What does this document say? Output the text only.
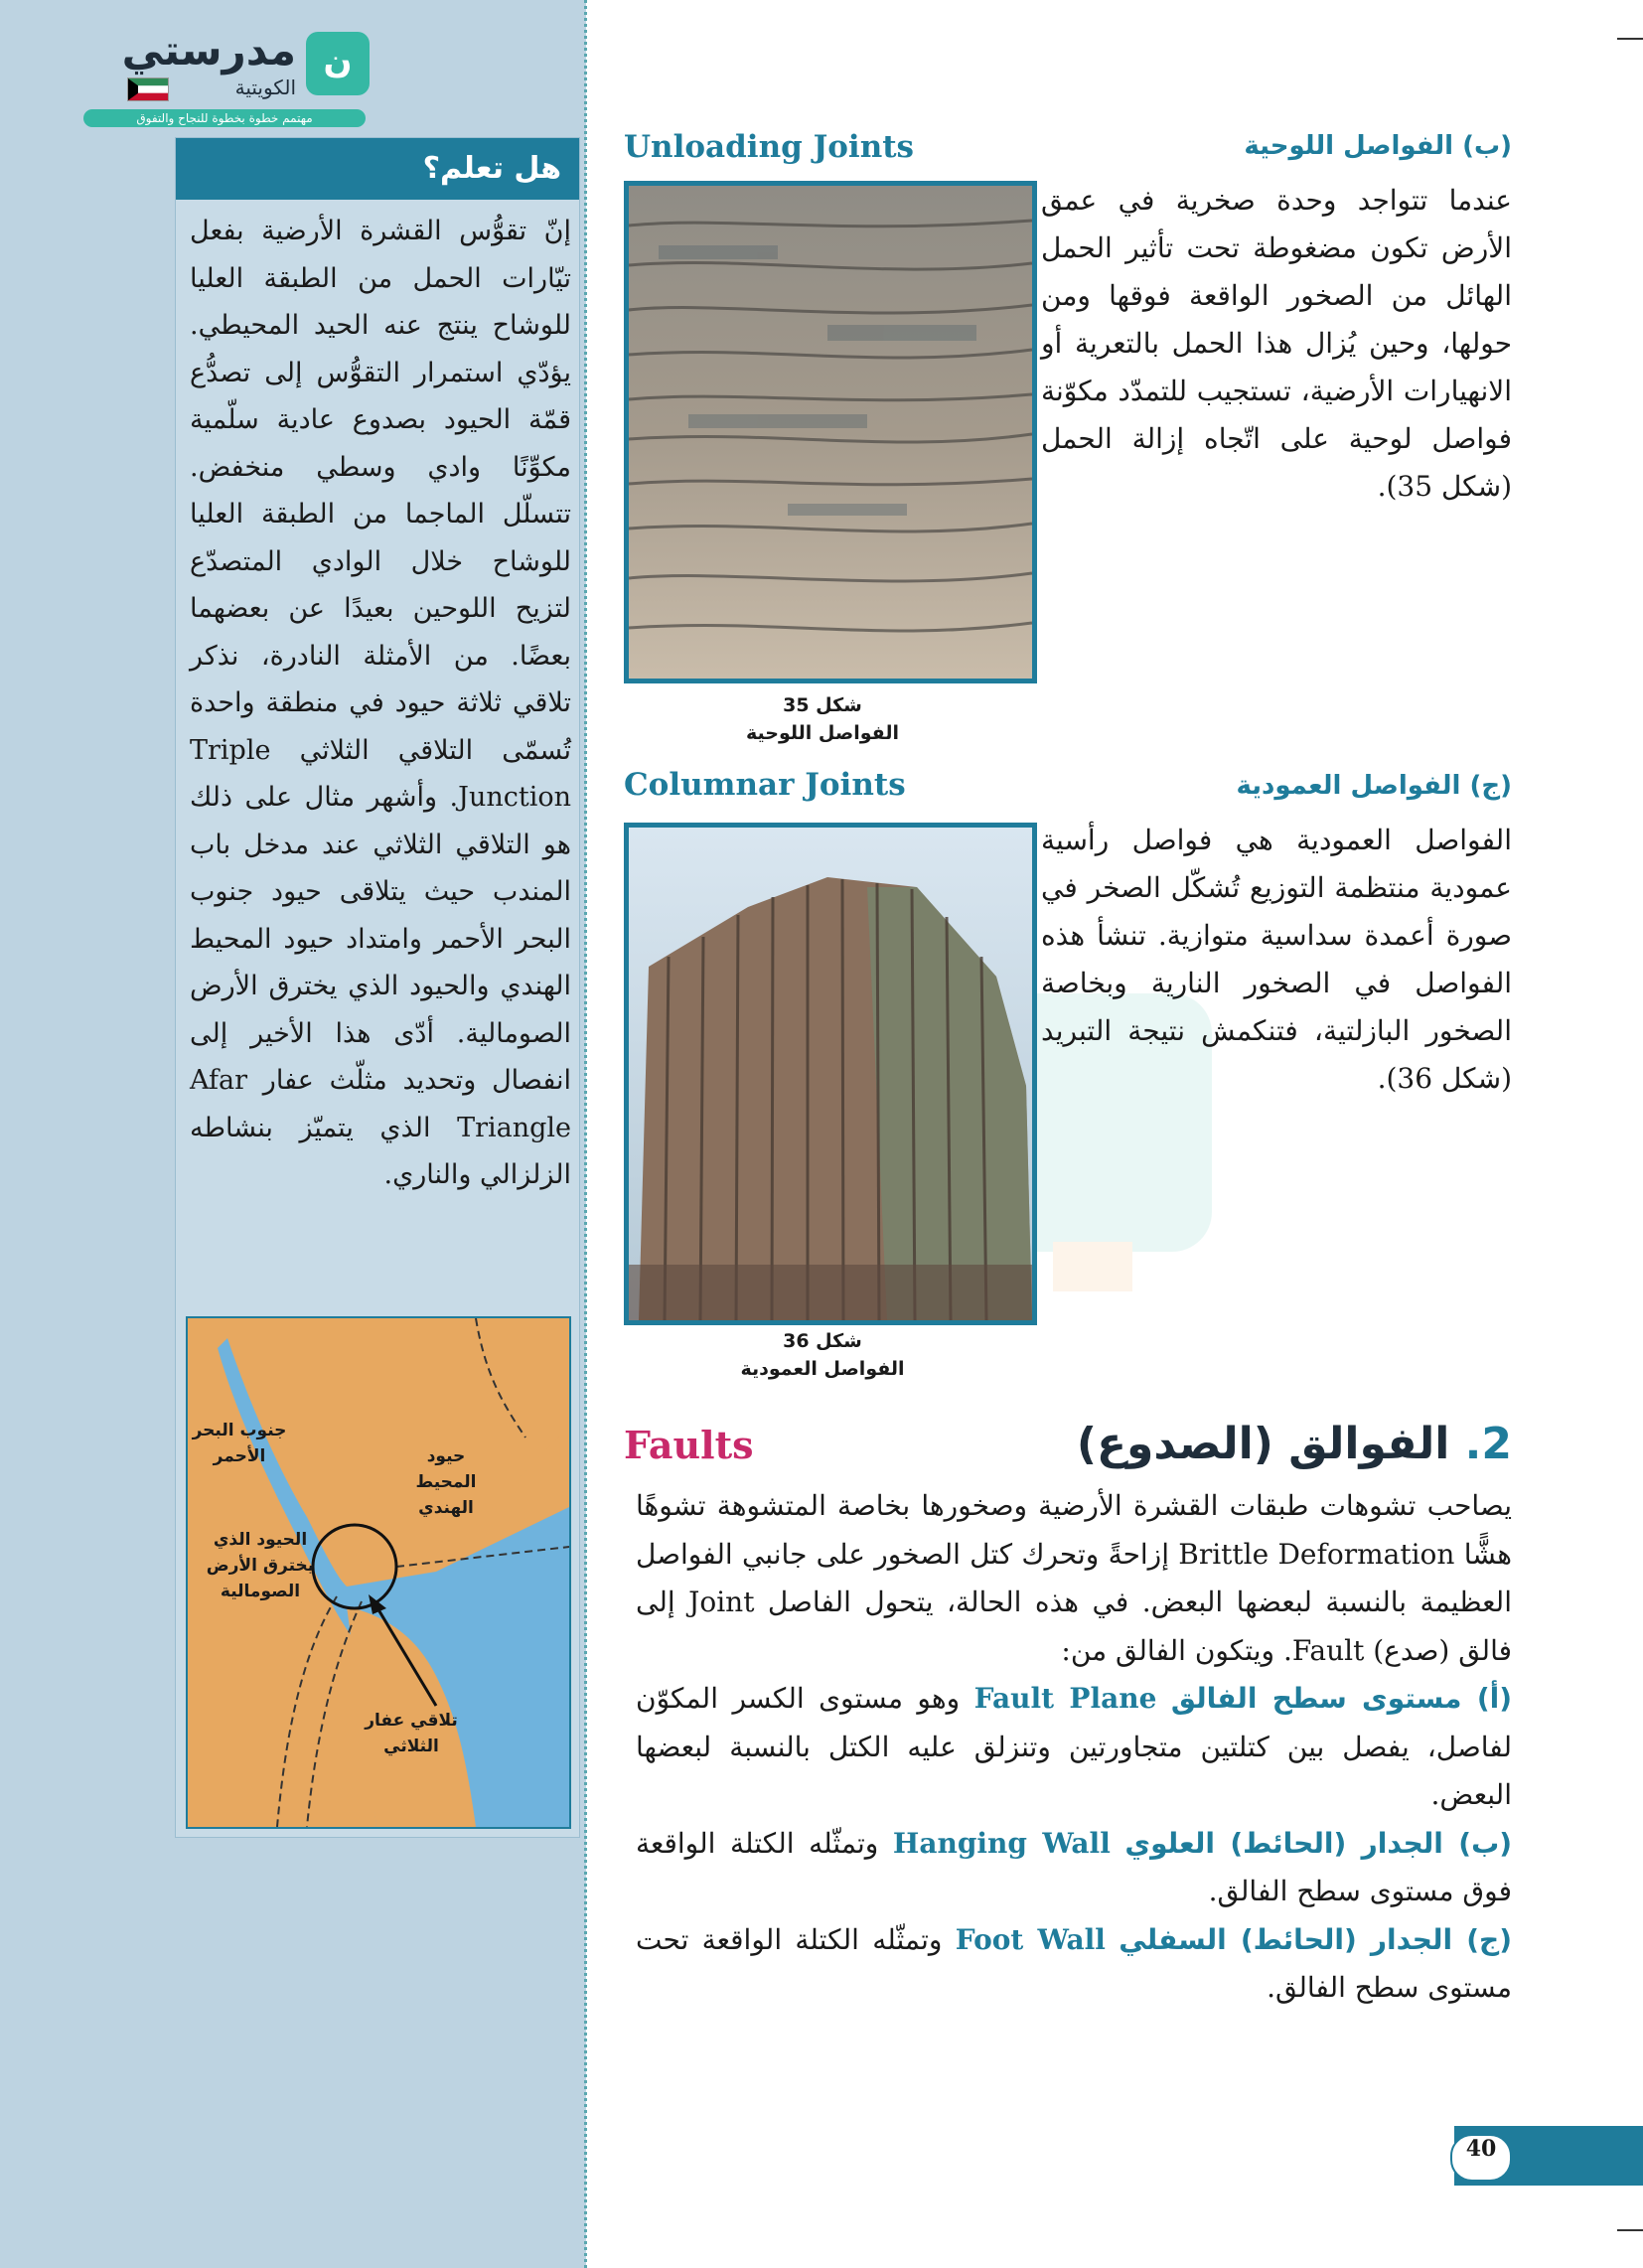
ن
مدرستي
الكويتية
مهتمم خطوة بخطوة للنجاح والتفوق
هل تعلم؟
إنّ تقوُّس القشرة الأرضية بفعل تيّارات الحمل من الطبقة العليا للوشاح ينتج عنه الحيد المحيطي. يؤدّي استمرار التقوُّس إلى تصدُّع قمّة الحيود بصدوع عادية سلّمية مكوِّنًا وادي وسطي منخفض. تتسلّل الماجما من الطبقة العليا للوشاح خلال الوادي المتصدّع لتزيح اللوحين بعيدًا عن بعضهما بعضًا. من الأمثلة النادرة، نذكر تلاقي ثلاثة حيود في منطقة واحدة تُسمّى التلاقي الثلاثي Triple Junction. وأشهر مثال على ذلك هو التلاقي الثلاثي عند مدخل باب المندب حيث يتلاقى حيود جنوب البحر الأحمر وامتداد حيود المحيط الهندي والحيود الذي يخترق الأرض الصومالية. أدّى هذا الأخير إلى انفصال وتحديد مثلّث عفار Afar Triangle الذي يتميّز بنشاطه الزلزالي والناري.
جنوب البحر الأحمر	حيود المحيط الهندي
الحيود الذي يخترق الأرض الصومالية
تلاقي عفار الثلاثي
(ب) الفواصل اللوحية
Unloading Joints
شكل 35
الفواصل اللوحية
عندما تتواجد وحدة صخرية في عمق الأرض تكون مضغوطة تحت تأثير الحمل الهائل من الصخور الواقعة فوقها ومن حولها، وحين يُزال هذا الحمل بالتعرية أو الانهيارات الأرضية، تستجيب للتمدّد مكوّنة فواصل لوحية على اتّجاه إزالة الحمل (شكل 35).
(ج) الفواصل العمودية
Columnar Joints
شكل 36
الفواصل العمودية
الفواصل العمودية هي فواصل رأسية عمودية منتظمة التوزيع تُشكّل الصخر في صورة أعمدة سداسية متوازية. تنشأ هذه الفواصل في الصخور النارية وبخاصة الصخور البازلتية، فتنكمش نتيجة التبريد (شكل 36).
2. الفوالق (الصدوع)
Faults
يصاحب تشوهات طبقات القشرة الأرضية وصخورها بخاصة المتشوهة تشوهًا هشًّا Brittle Deformation إزاحةً وتحرك كتل الصخور على جانبي الفواصل العظيمة بالنسبة لبعضها البعض. في هذه الحالة، يتحول الفاصل Joint إلى فالق (صدع) Fault. ويتكون الفالق من:
(أ) مستوى سطح الفالق Fault Plane وهو مستوى الكسر المكوّن لفاصل، يفصل بين كتلتين متجاورتين وتنزلق عليه الكتل بالنسبة لبعضها البعض.
(ب) الجدار (الحائط) العلوي Hanging Wall وتمثّله الكتلة الواقعة فوق مستوى سطح الفالق.
(ج) الجدار (الحائط) السفلي Foot Wall وتمثّله الكتلة الواقعة تحت مستوى سطح الفالق.
40
